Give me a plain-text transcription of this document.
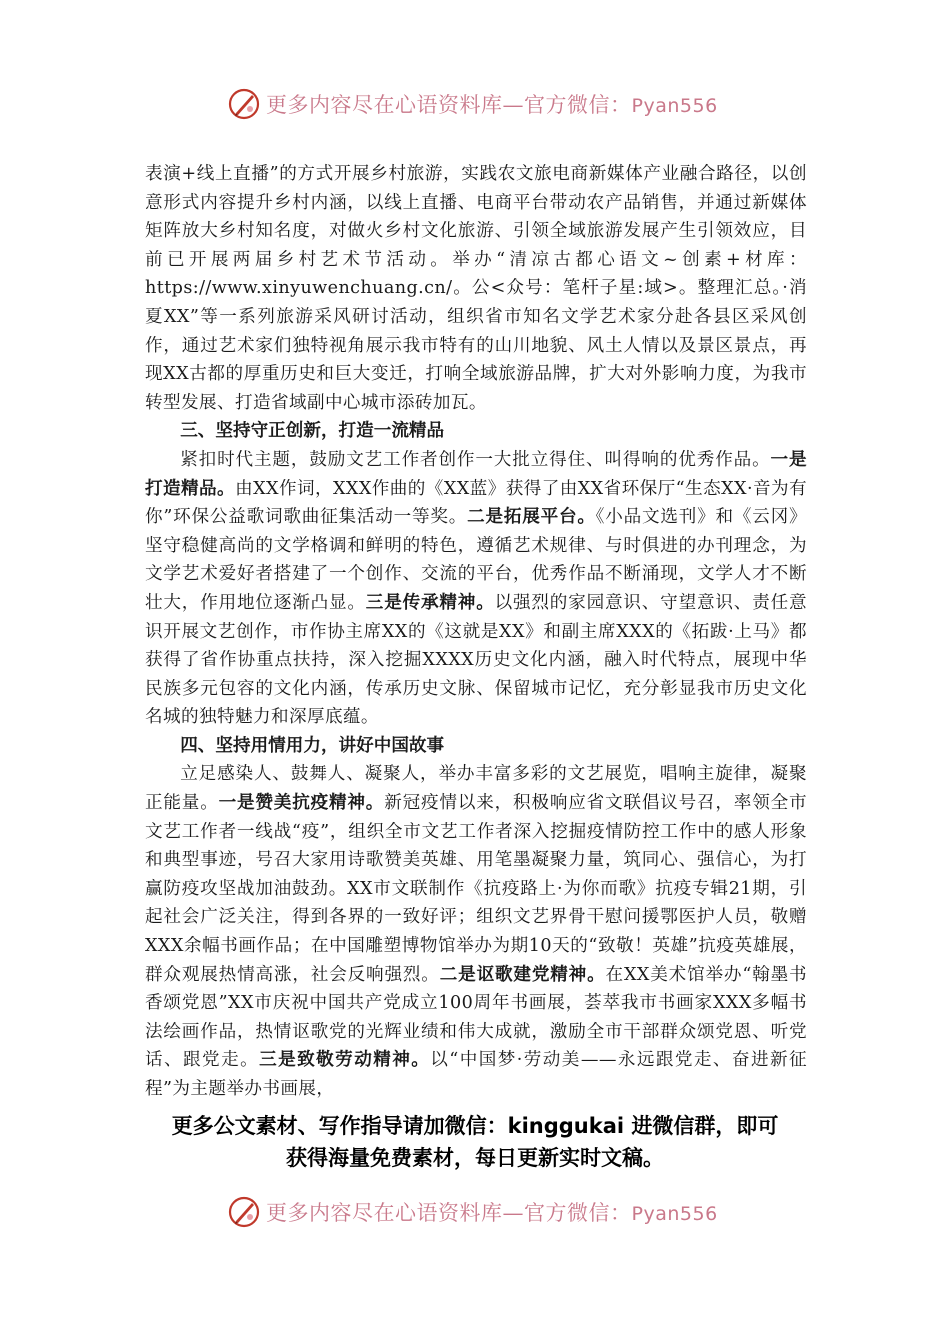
更多内容尽在心语资料库—官方微信：Pyan556

表演+线上直播”的方式开展乡村旅游，实践农文旅电商新媒体产业融合路径，以创意形式内容提升乡村内涵，以线上直播、电商平台带动农产品销售，并通过新媒体矩阵放大乡村知名度，对做火乡村文化旅游、引领全域旅游发展产生引领效应，目前已开展两届乡村艺术节活动。举办“清凉古都心语文~创素+材库：https://www.xinyuwenchuang.cn/。公<众号：笔杆子星:域>。整理汇总。·消夏XX”等一系列旅游采风研讨活动，组织省市知名文学艺术家分赴各县区采风创作，通过艺术家们独特视角展示我市特有的山川地貌、风土人情以及景区景点，再现XX古都的厚重历史和巨大变迁，打响全域旅游品牌，扩大对外影响力度，为我市转型发展、打造省域副中心城市添砖加瓦。

三、坚持守正创新，打造一流精品

紧扣时代主题，鼓励文艺工作者创作一大批立得住、叫得响的优秀作品。一是打造精品。由XX作词，XXX作曲的《XX蓝》获得了由XX省环保厅“生态XX·音为有你”环保公益歌词歌曲征集活动一等奖。二是拓展平台。《小品文选刊》和《云冈》坚守稳健高尚的文学格调和鲜明的特色，遵循艺术规律、与时俱进的办刊理念，为文学艺术爱好者搭建了一个创作、交流的平台，优秀作品不断涌现，文学人才不断壮大，作用地位逐渐凸显。三是传承精神。以强烈的家园意识、守望意识、责任意识开展文艺创作，市作协主席XX的《这就是XX》和副主席XXX的《拓跋·上马》都获得了省作协重点扶持，深入挖掘XXXX历史文化内涵，融入时代特点，展现中华民族多元包容的文化内涵，传承历史文脉、保留城市记忆，充分彰显我市历史文化名城的独特魅力和深厚底蕴。

四、坚持用情用力，讲好中国故事

立足感染人、鼓舞人、凝聚人，举办丰富多彩的文艺展览，唱响主旋律，凝聚正能量。一是赞美抗疫精神。新冠疫情以来，积极响应省文联倡议号召，率领全市文艺工作者一线战“疫”，组织全市文艺工作者深入挖掘疫情防控工作中的感人形象和典型事迹，号召大家用诗歌赞美英雄、用笔墨凝聚力量，筑同心、强信心，为打赢防疫攻坚战加油鼓劲。XX市文联制作《抗疫路上·为你而歌》抗疫专辑21期，引起社会广泛关注，得到各界的一致好评；组织文艺界骨干慰问援鄂医护人员，敬赠XXX余幅书画作品；在中国雕塑博物馆举办为期10天的“致敬！英雄”抗疫英雄展，群众观展热情高涨，社会反响强烈。二是讴歌建党精神。在XX美术馆举办“翰墨书香颂党恩”XX市庆祝中国共产党成立100周年书画展，荟萃我市书画家XXX多幅书法绘画作品，热情讴歌党的光辉业绩和伟大成就，激励全市干部群众颂党恩、听党话、跟党走。三是致敬劳动精神。以“中国梦·劳动美——永远跟党走、奋进新征程”为主题举办书画展，

更多公文素材、写作指导请加微信：kinggukai 进微信群，即可
获得海量免费素材，每日更新实时文稿。
更多内容尽在心语资料库—官方微信：Pyan556
